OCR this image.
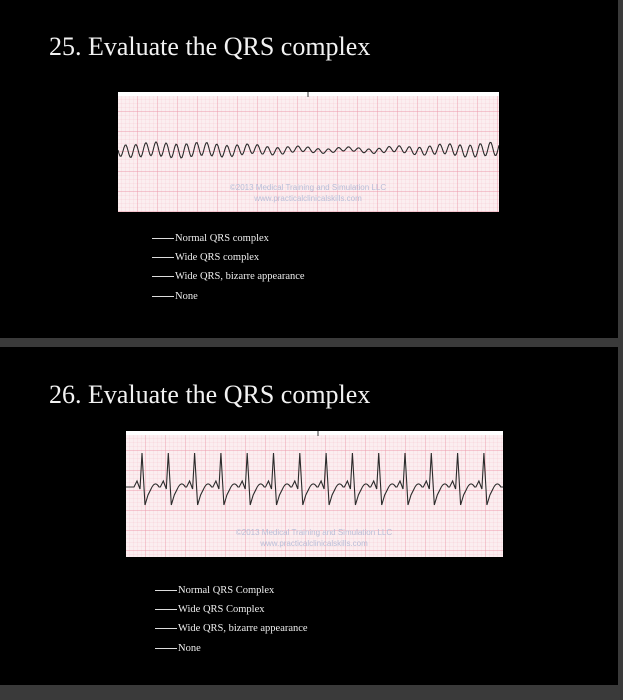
25. Evaluate the QRS complex
©2013 Medical Training and Simulation LLC
www.practicalclinicalskills.com
Normal QRS complex
Wide QRS complex
Wide QRS, bizarre appearance
None
26. Evaluate the QRS complex
©2013 Medical Training and Simulation LLC
www.practicalclinicalskills.com
Normal QRS Complex
Wide QRS Complex
Wide QRS, bizarre appearance
None
